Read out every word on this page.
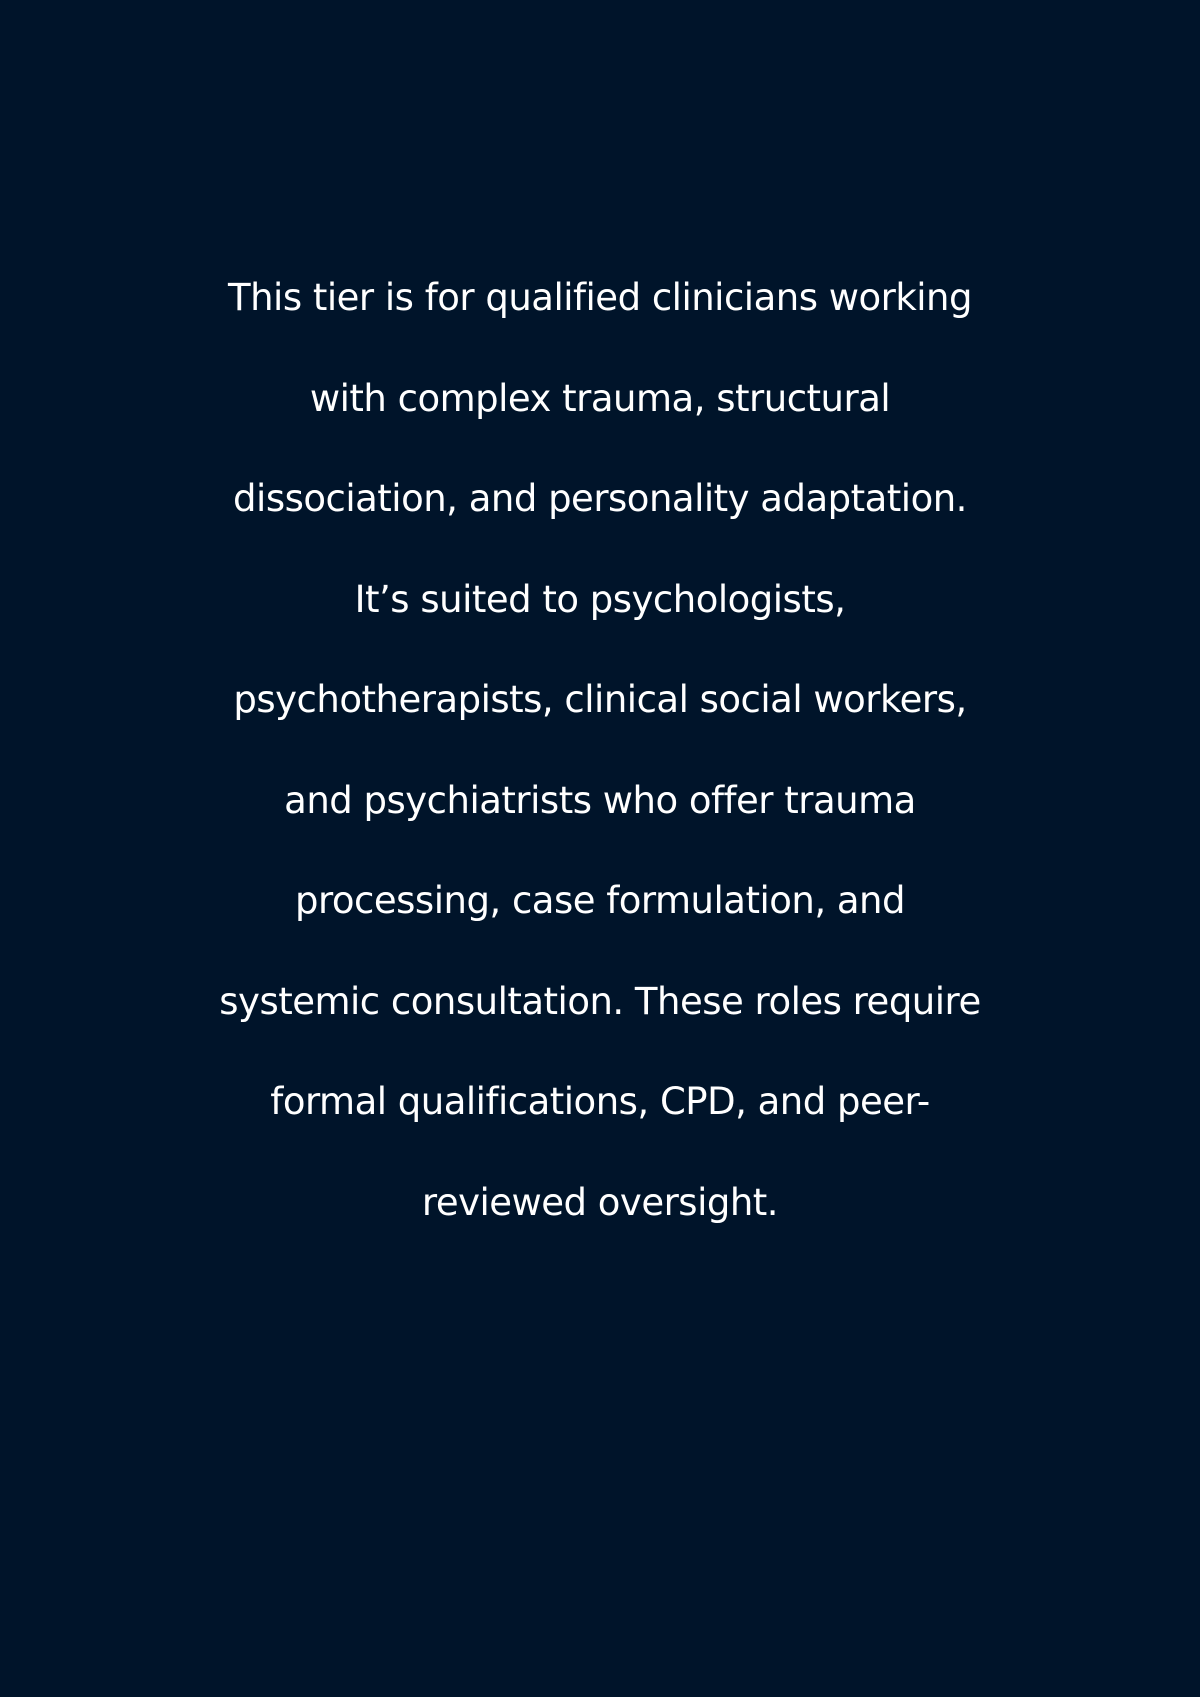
This tier is for qualified clinicians working
with complex trauma, structural
dissociation, and personality adaptation.
It’s suited to psychologists,
psychotherapists, clinical social workers,
and psychiatrists who offer trauma
processing, case formulation, and
systemic consultation. These roles require
formal qualifications, CPD, and peer-
reviewed oversight.
